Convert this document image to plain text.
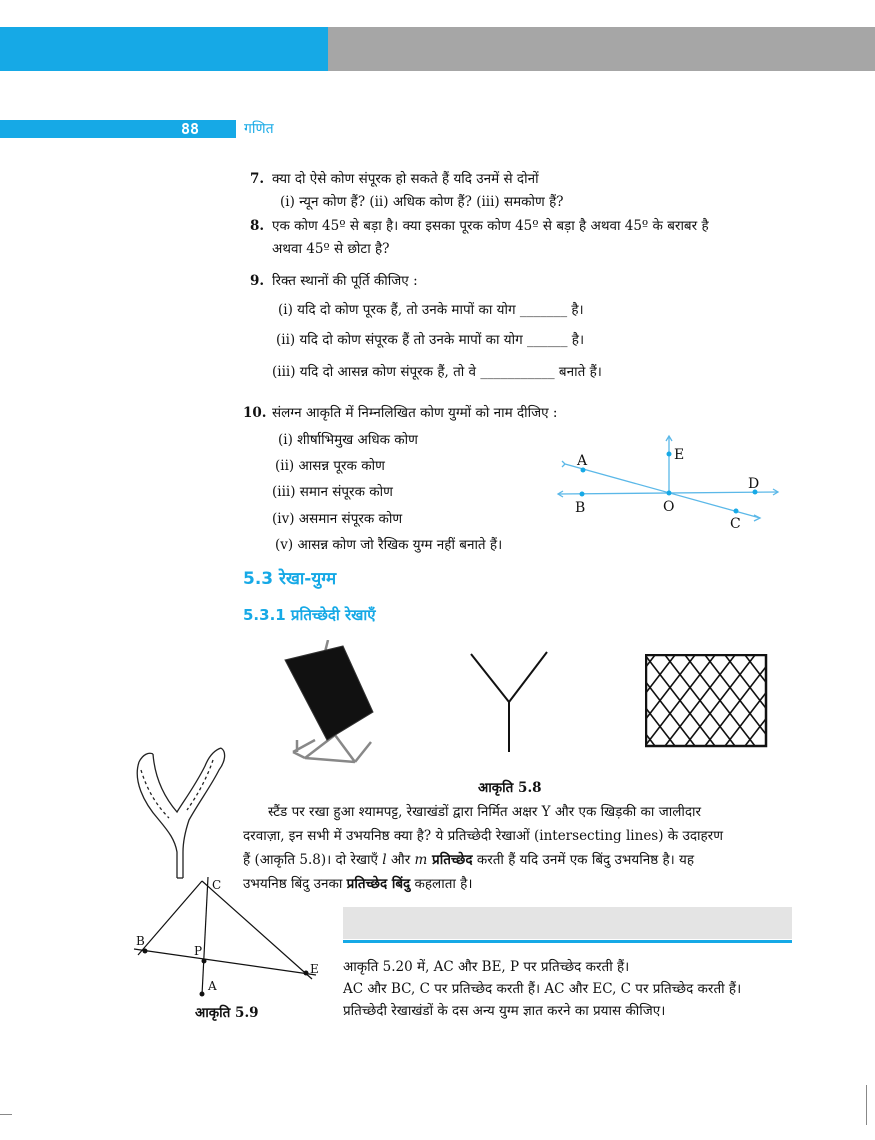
88	गणित
7. क्या दो ऐसे कोण संपूरक हो सकते हैं यदि उनमें से दोनों
(i) न्यून कोण हैं? (ii) अधिक कोण हैं? (iii) समकोण हैं?
8. एक कोण 45º से बड़ा है। क्या इसका पूरक कोण 45º से बड़ा है अथवा 45º के बराबर है
अथवा 45º से छोटा है?
9. रिक्त स्थानों की पूर्ति कीजिए :
(i) यदि दो कोण पूरक हैं, तो उनके मापों का योग _______ है।
(ii) यदि दो कोण संपूरक हैं तो उनके मापों का योग ______ है।
(iii) यदि दो आसन्न कोण संपूरक हैं, तो वे ___________ बनाते हैं।
10. संलग्न आकृति में निम्नलिखित कोण युग्मों को नाम दीजिए :
(i) शीर्षाभिमुख अधिक कोण
(ii) आसन्न पूरक कोण
(iii) समान संपूरक कोण
(iv) असमान संपूरक कोण
(v) आसन्न कोण जो रैखिक युग्म नहीं बनाते हैं।
A
B
E
O
D
C
5.3 रेखा-युग्म
5.3.1 प्रतिच्छेदी रेखाएँ
आकृति 5.8
C
B
P
E
A
आकृति 5.9
स्टैंड पर रखा हुआ श्यामपट्ट, रेखाखंडों द्वारा निर्मित अक्षर Y और एक खिड़की का जालीदार
दरवाज़ा, इन सभी में उभयनिष्ठ क्या है? ये प्रतिच्छेदी रेखाओं (intersecting lines) के उदाहरण
हैं (आकृति 5.8)। दो रेखाएँ l और m प्रतिच्छेद करती हैं यदि उनमें एक बिंदु उभयनिष्ठ है। यह
उभयनिष्ठ बिंदु उनका प्रतिच्छेद बिंदु कहलाता है।
आकृति 5.20 में, AC और BE, P पर प्रतिच्छेद करती हैं।
AC और BC, C पर प्रतिच्छेद करती हैं। AC और EC, C पर प्रतिच्छेद करती हैं।
प्रतिच्छेदी रेखाखंडों के दस अन्य युग्म ज्ञात करने का प्रयास कीजिए।
